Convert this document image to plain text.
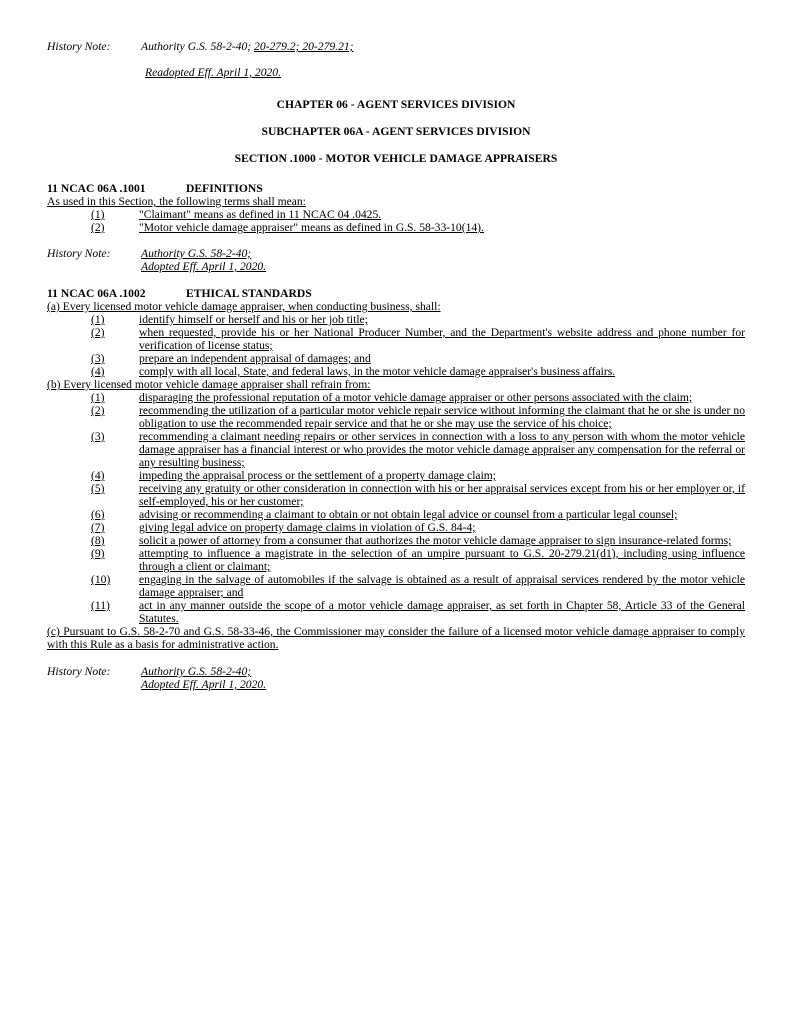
History Note:	Authority G.S. 58-2-40; 20-279.2; 20-279.21;
Readopted Eff. April 1, 2020.
CHAPTER 06 - AGENT SERVICES DIVISION
SUBCHAPTER 06A - AGENT SERVICES DIVISION
SECTION .1000 - MOTOR VEHICLE DAMAGE APPRAISERS
11 NCAC 06A .1001	DEFINITIONS
As used in this Section, the following terms shall mean:
(1)	"Claimant" means as defined in 11 NCAC 04 .0425.
(2)	"Motor vehicle damage appraiser" means as defined in G.S. 58-33-10(14).
History Note:	Authority G.S. 58-2-40;
Adopted Eff. April 1, 2020.
11 NCAC 06A .1002	ETHICAL STANDARDS
(a) Every licensed motor vehicle damage appraiser, when conducting business, shall:
(1)	identify himself or herself and his or her job title;
(2)	when requested, provide his or her National Producer Number, and the Department's website address and phone number for verification of license status;
(3)	prepare an independent appraisal of damages; and
(4)	comply with all local, State, and federal laws, in the motor vehicle damage appraiser's business affairs.
(b) Every licensed motor vehicle damage appraiser shall refrain from:
(1)	disparaging the professional reputation of a motor vehicle damage appraiser or other persons associated with the claim;
(2)	recommending the utilization of a particular motor vehicle repair service without informing the claimant that he or she is under no obligation to use the recommended repair service and that he or she may use the service of his choice;
(3)	recommending a claimant needing repairs or other services in connection with a loss to any person with whom the motor vehicle damage appraiser has a financial interest or who provides the motor vehicle damage appraiser any compensation for the referral or any resulting business;
(4)	impeding the appraisal process or the settlement of a property damage claim;
(5)	receiving any gratuity or other consideration in connection with his or her appraisal services except from his or her employer or, if self-employed, his or her customer;
(6)	advising or recommending a claimant to obtain or not obtain legal advice or counsel from a particular legal counsel;
(7)	giving legal advice on property damage claims in violation of G.S. 84-4;
(8)	solicit a power of attorney from a consumer that authorizes the motor vehicle damage appraiser to sign insurance-related forms;
(9)	attempting to influence a magistrate in the selection of an umpire pursuant to G.S. 20-279.21(d1), including using influence through a client or claimant;
(10) engaging in the salvage of automobiles if the salvage is obtained as a result of appraisal services rendered by the motor vehicle damage appraiser; and
(11)	act in any manner outside the scope of a motor vehicle damage appraiser, as set forth in Chapter 58, Article 33 of the General Statutes.
(c) Pursuant to G.S. 58-2-70 and G.S. 58-33-46, the Commissioner may consider the failure of a licensed motor vehicle damage appraiser to comply with this Rule as a basis for administrative action.
History Note:	Authority G.S. 58-2-40;
Adopted Eff. April 1, 2020.
